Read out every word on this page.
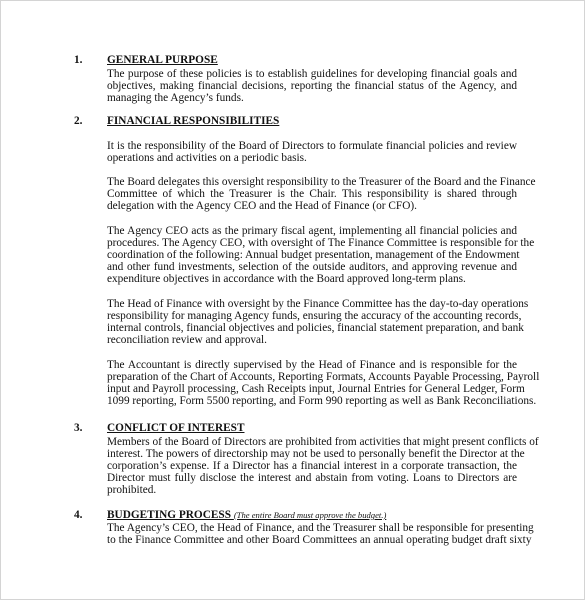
1. GENERAL PURPOSE
The purpose of these policies is to establish guidelines for developing financial goals and
objectives, making financial decisions, reporting the financial status of the Agency, and
managing the Agency’s funds.
2. FINANCIAL RESPONSIBILITIES
It is the responsibility of the Board of Directors to formulate financial policies and review
operations and activities on a periodic basis.
The Board delegates this oversight responsibility to the Treasurer of the Board and the Finance
Committee of which the Treasurer is the Chair. This responsibility is shared through
delegation with the Agency CEO and the Head of Finance (or CFO).
The Agency CEO acts as the primary fiscal agent, implementing all financial policies and
procedures. The Agency CEO, with oversight of The Finance Committee is responsible for the
coordination of the following: Annual budget presentation, management of the Endowment
and other fund investments, selection of the outside auditors, and approving revenue and
expenditure objectives in accordance with the Board approved long-term plans.
The Head of Finance with oversight by the Finance Committee has the day-to-day operations
responsibility for managing Agency funds, ensuring the accuracy of the accounting records,
internal controls, financial objectives and policies, financial statement preparation, and bank
reconciliation review and approval.
The Accountant is directly supervised by the Head of Finance and is responsible for the
preparation of the Chart of Accounts, Reporting Formats, Accounts Payable Processing, Payroll
input and Payroll processing, Cash Receipts input, Journal Entries for General Ledger, Form
1099 reporting, Form 5500 reporting, and Form 990 reporting as well as Bank Reconciliations.
3. CONFLICT OF INTEREST
Members of the Board of Directors are prohibited from activities that might present conflicts of
interest. The powers of directorship may not be used to personally benefit the Director at the
corporation’s expense. If a Director has a financial interest in a corporate transaction, the
Director must fully disclose the interest and abstain from voting. Loans to Directors are
prohibited.
4. BUDGETING PROCESS (The entire Board must approve the budget.)
The Agency’s CEO, the Head of Finance, and the Treasurer shall be responsible for presenting
to the Finance Committee and other Board Committees an annual operating budget draft sixty
